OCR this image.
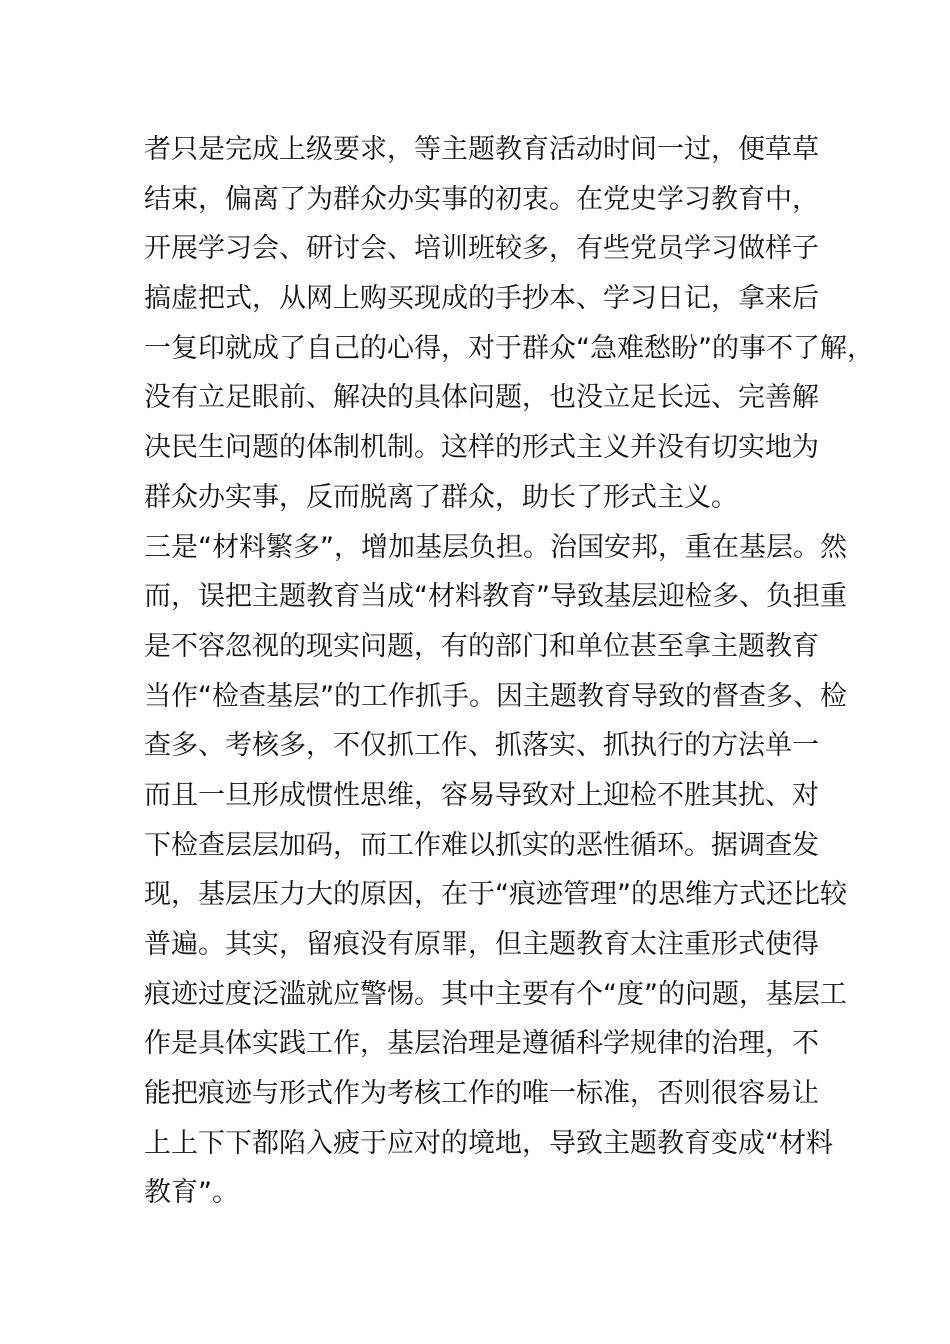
者只是完成上级要求，等主题教育活动时间一过，便草草
结束，偏离了为群众办实事的初衷。在党史学习教育中，
开展学习会、研讨会、培训班较多，有些党员学习做样子
搞虚把式，从网上购买现成的手抄本、学习日记，拿来后
一复印就成了自己的心得，对于群众“急难愁盼”的事不了解，
没有立足眼前、解决的具体问题，也没立足长远、完善解
决民生问题的体制机制。这样的形式主义并没有切实地为
群众办实事，反而脱离了群众，助长了形式主义。
三是“材料繁多”，增加基层负担。治国安邦，重在基层。然
而，误把主题教育当成“材料教育”导致基层迎检多、负担重
是不容忽视的现实问题，有的部门和单位甚至拿主题教育
当作“检查基层”的工作抓手。因主题教育导致的督查多、检
查多、考核多，不仅抓工作、抓落实、抓执行的方法单一
而且一旦形成惯性思维，容易导致对上迎检不胜其扰、对
下检查层层加码，而工作难以抓实的恶性循环。据调查发
现，基层压力大的原因，在于“痕迹管理”的思维方式还比较
普遍。其实，留痕没有原罪，但主题教育太注重形式使得
痕迹过度泛滥就应警惕。其中主要有个“度”的问题，基层工
作是具体实践工作，基层治理是遵循科学规律的治理，不
能把痕迹与形式作为考核工作的唯一标准，否则很容易让
上上下下都陷入疲于应对的境地，导致主题教育变成“材料
教育”。
